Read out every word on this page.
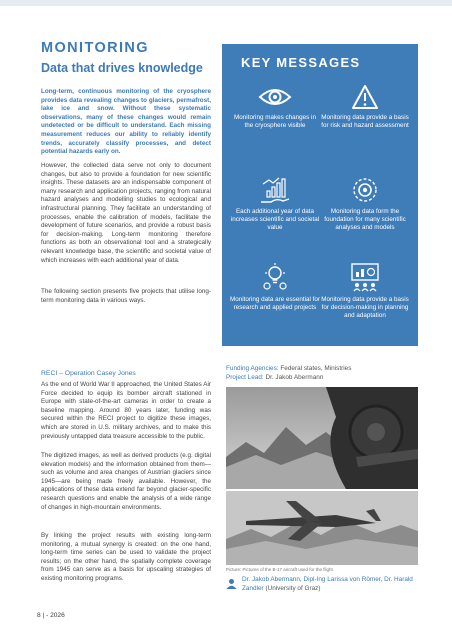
MONITORING
Data that drives knowledge

Long-term, continuous monitoring of the cryosphere provides data revealing changes to glaciers, permafrost, lake ice and snow. Without these systematic observations, many of these changes would remain undetected or be difficult to understand. Each missing measurement reduces our ability to reliably identify trends, accurately classify processes, and detect potential hazards early on.

However, the collected data serve not only to document changes, but also to provide a foundation for new scientific insights. These datasets are an indispensable component of many research and application projects, ranging from natural hazard analyses and modelling studies to ecological and infrastructural planning. They facilitate an understanding of processes, enable the calibration of models, facilitate the development of future scenarios, and provide a robust basis for decision-making. Long-term monitoring therefore functions as both an observational tool and a strategically relevant knowledge base, the scientific and societal value of which increases with each additional year of data.

The following section presents five projects that utilise long-term monitoring data in various ways.

KEY MESSAGES
Monitoring makes changes in the cryosphere visible
Monitoring data provide a basis for risk and hazard assessment
Each additional year of data increases scientific and societal value
Monitoring data form the foundation for many scientific analyses and models
Monitoring data are essential for research and applied projects
Monitoring data provide a basis for decision-making in planning and adaptation
RECI – Operation Casey Jones

As the end of World War II approached, the United States Air Force decided to equip its bomber aircraft stationed in Europe with state-of-the-art cameras in order to create a baseline mapping. Around 80 years later, funding was secured within the RECI project to digitize these images, which are stored in U.S. military archives, and to make this previously untapped data treasure accessible to the public.

The digitized images, as well as derived products (e.g. digital elevation models) and the information obtained from them—such as volume and area changes of Austrian glaciers since 1945—are being made freely available. However, the applications of these data extend far beyond glacier-specific research questions and enable the analysis of a wide range of changes in high-mountain environments.

By linking the project results with existing long-term monitoring, a mutual synergy is created: on the one hand, long-term time series can be used to validate the project results; on the other hand, the spatially complete coverage from 1945 can serve as a basis for upscaling strategies of existing monitoring programs.

Funding Agencies: Federal states, Ministries
Project Lead: Dr. Jakob Abermann
Picture: Pictures of the B-17 aircraft used for the flight.
Dr. Jakob Abermann, Dipl-Ing Larissa von Römer, Dr. Harald Zandler (University of Graz)
8 | - 2026
